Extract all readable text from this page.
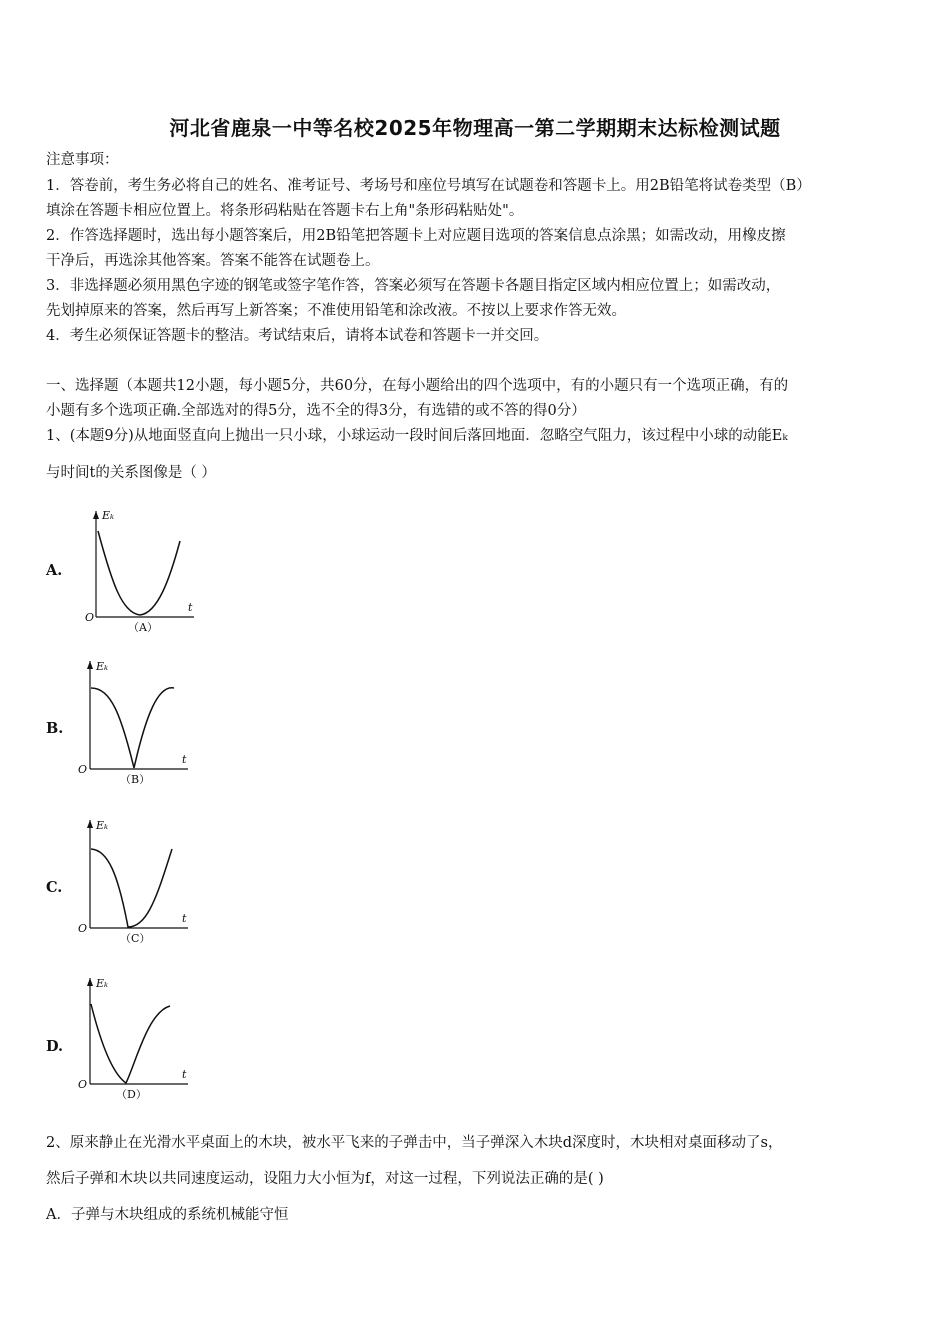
河北省鹿泉一中等名校2025年物理高一第二学期期末达标检测试题
注意事项：
1．答卷前，考生务必将自己的姓名、准考证号、考场号和座位号填写在试题卷和答题卡上。用2B铅笔将试卷类型（B）
填涂在答题卡相应位置上。将条形码粘贴在答题卡右上角"条形码粘贴处"。
2．作答选择题时，选出每小题答案后，用2B铅笔把答题卡上对应题目选项的答案信息点涂黑；如需改动，用橡皮擦
干净后，再选涂其他答案。答案不能答在试题卷上。
3．非选择题必须用黑色字迹的钢笔或签字笔作答，答案必须写在答题卡各题目指定区域内相应位置上；如需改动，
先划掉原来的答案，然后再写上新答案；不准使用铅笔和涂改液。不按以上要求作答无效。
4．考生必须保证答题卡的整洁。考试结束后，请将本试卷和答题卡一并交回。
一、选择题（本题共12小题，每小题5分，共60分，在每小题给出的四个选项中，有的小题只有一个选项正确，有的
小题有多个选项正确.全部选对的得5分，选不全的得3分，有选错的或不答的得0分）
1、(本题9分)从地面竖直向上抛出一只小球，小球运动一段时间后落回地面．忽略空气阻力，该过程中小球的动能Eₖ
与时间t的关系图像是（ ）
A.
Eₖ
t
O
（A）
B.
Eₖ
t
O
（B）
C.
Eₖ
t
O
（C）
D.
Eₖ
t
O
（D）
2、原来静止在光滑水平桌面上的木块，被水平飞来的子弹击中，当子弹深入木块d深度时，木块相对桌面移动了s，
然后子弹和木块以共同速度运动，设阻力大小恒为f，对这一过程，下列说法正确的是( )
A．子弹与木块组成的系统机械能守恒
